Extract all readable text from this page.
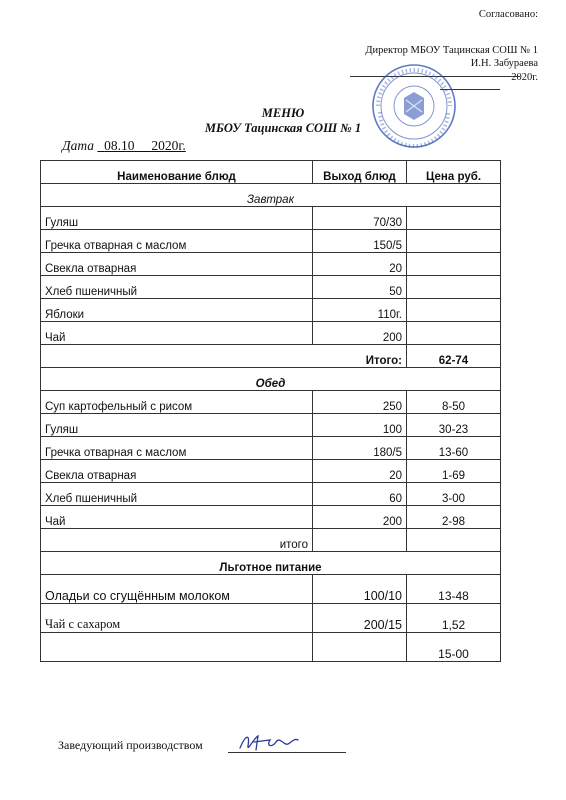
Согласовано:
Директор МБОУ Тацинская СОШ № 1
И.Н. Забураева
2020г.
МЕНЮ
МБОУ Тацинская СОШ № 1
Дата 08.10 2020г.
Наименование блюд	Выход блюд	Цена руб.
Завтрак		
Гуляш	70/30	
Гречка отварная с маслом	150/5	
Свекла отварная	20	
Хлеб пшеничный	50	
Яблоки	110г.	
Чай	200	
Итого:		62-74
Обед		
Суп картофельный с рисом	250	8-50
Гуляш	100	30-23
Гречка отварная с маслом	180/5	13-60
Свекла отварная	20	1-69
Хлеб пшеничный	60	3-00
Чай	200	2-98
итого		
Льготное питание		
Оладьи со сгущённым молоком	100/10	13-48
Чай с сахаром	200/15	1,52
		15-00
Заведующий производством
